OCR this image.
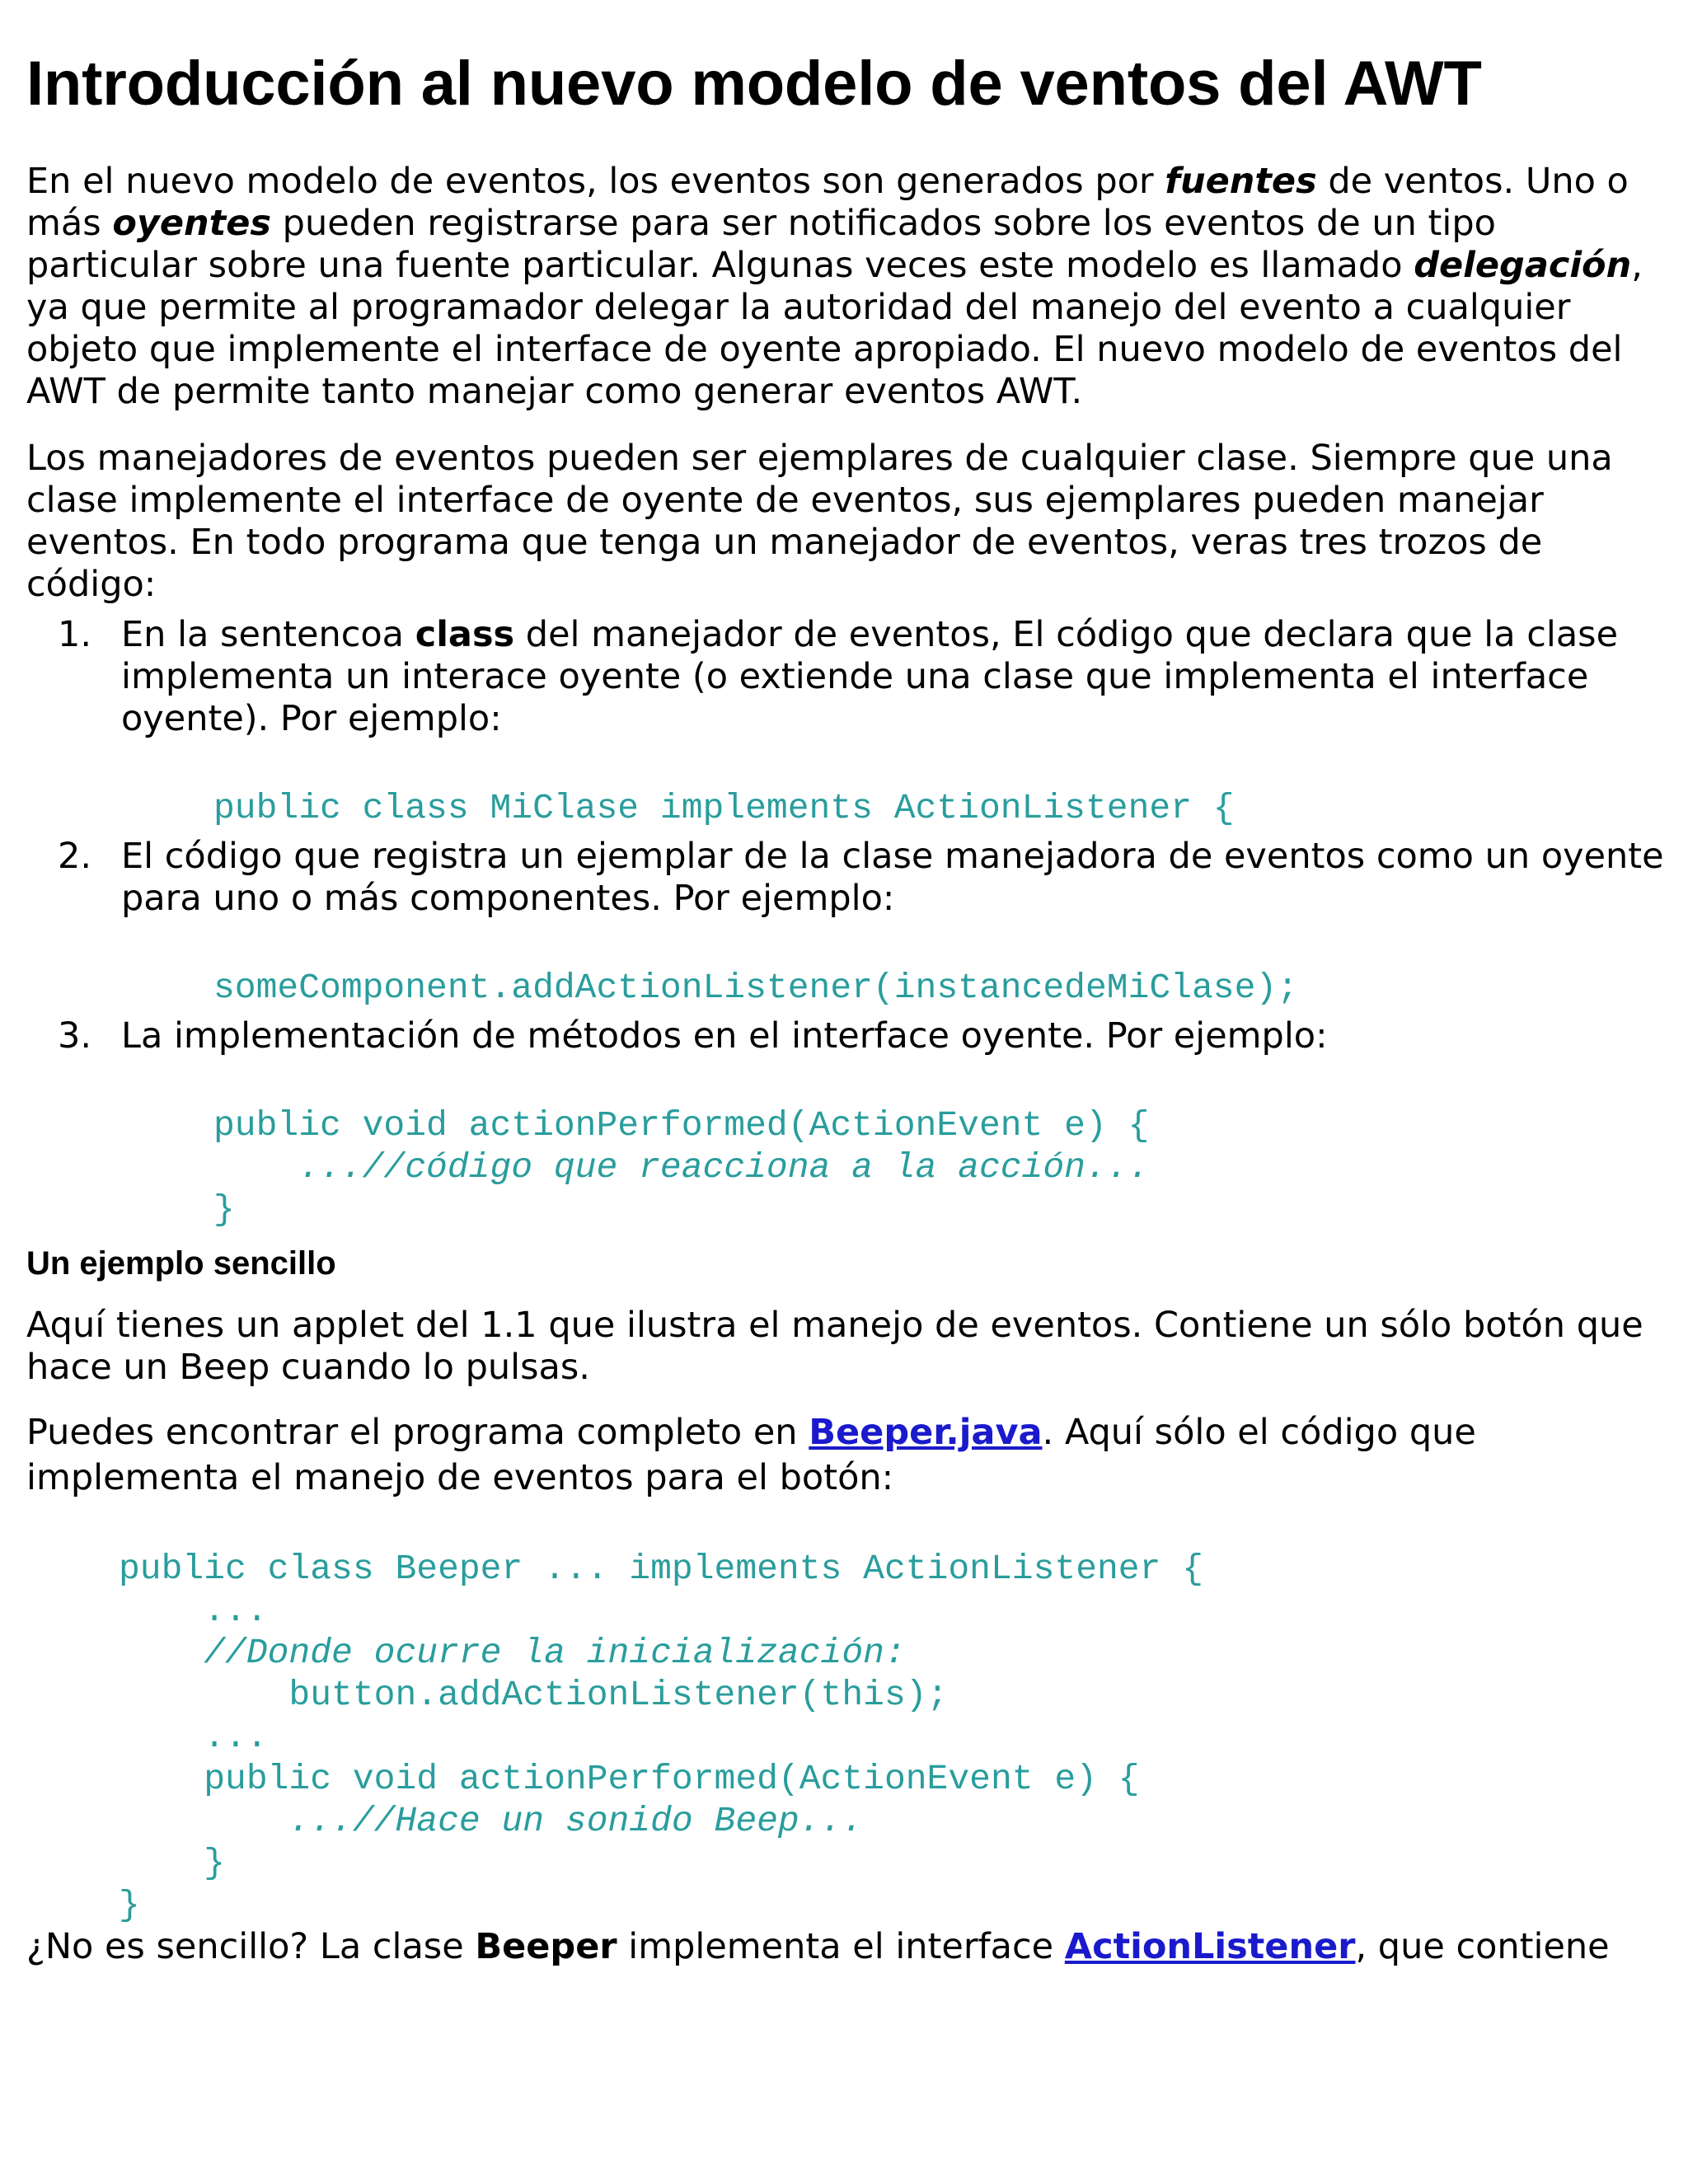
Introducción al nuevo modelo de ventos del AWT

En el nuevo modelo de eventos, los eventos son generados por fuentes de ventos. Uno o más oyentes pueden registrarse para ser notificados sobre los eventos de un tipo particular sobre una fuente particular. Algunas veces este modelo es llamado delegación, ya que permite al programador delegar la autoridad del manejo del evento a cualquier objeto que implemente el interface de oyente apropiado. El nuevo modelo de eventos del AWT de permite tanto manejar como generar eventos AWT.

Los manejadores de eventos pueden ser ejemplares de cualquier clase. Siempre que una clase implemente el interface de oyente de eventos, sus ejemplares pueden manejar eventos. En todo programa que tenga un manejador de eventos, veras tres trozos de código:

1. En la sentencoa class del manejador de eventos, El código que declara que la clase implementa un interace oyente (o extiende una clase que implementa el interface oyente). Por ejemplo:
public class MiClase implements ActionListener {
2. El código que registra un ejemplar de la clase manejadora de eventos como un oyente para uno o más componentes. Por ejemplo:
someComponent.addActionListener(instancedeMiClase);
3. La implementación de métodos en el interface oyente. Por ejemplo:
public void actionPerformed(ActionEvent e) {
...//código que reacciona a la acción...
}
Un ejemplo sencillo

Aquí tienes un applet del 1.1 que ilustra el manejo de eventos. Contiene un sólo botón que hace un Beep cuando lo pulsas.

Puedes encontrar el programa completo en Beeper.java. Aquí sólo el código que implementa el manejo de eventos para el botón:

public class Beeper ... implements ActionListener {
...
//Donde ocurre la inicialización:
button.addActionListener(this);
...
public void actionPerformed(ActionEvent e) {
...//Hace un sonido Beep...
}
}

¿No es sencillo? La clase Beeper implementa el interface ActionListener, que contiene
